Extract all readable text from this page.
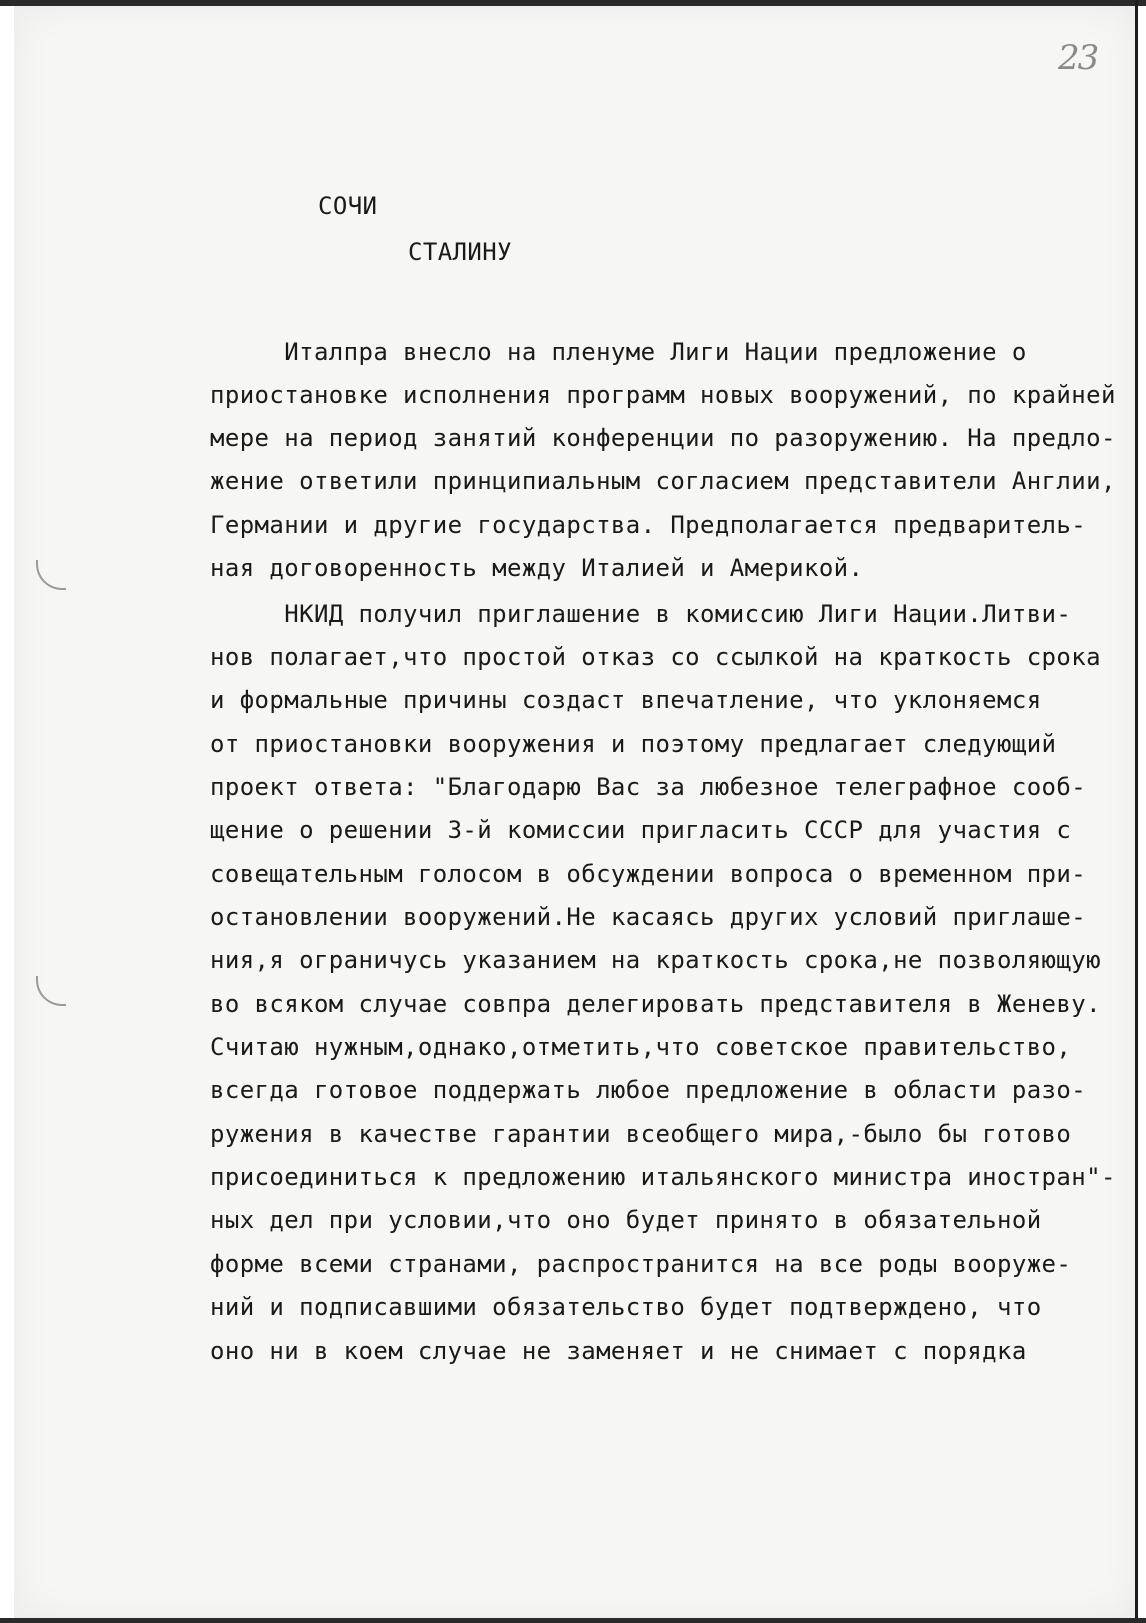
23
СОЧИ
СТАЛИНУ
Италпра внесло на пленуме Лиги Нации предложение о
приостановке исполнения программ новых вооружений, по крайней
мере на период занятий конференции по разоружению. На предло-
жение ответили принципиальным согласием представители Англии,
Германии и другие государства. Предполагается предваритель-
ная договоренность между Италией и Америкой.
НКИД получил приглашение в комиссию Лиги Нации.Литви-
нов полагает,что простой отказ со ссылкой на краткость срока
и формальные причины создаст впечатление, что уклоняемся
от приостановки вооружения и поэтому предлагает следующий
проект ответа: "Благодарю Вас за любезное телеграфное сооб-
щение о решении 3-й комиссии пригласить СССР для участия с
совещательным голосом в обсуждении вопроса о временном при-
остановлении вооружений.Не касаясь других условий приглаше-
ния,я ограничусь указанием на краткость срока,не позволяющую
во всяком случае совпра делегировать представителя в Женеву.
Считаю нужным,однако,отметить,что советское правительство,
всегда готовое поддержать любое предложение в области разо-
ружения в качестве гарантии всеобщего мира,-было бы готово
присоединиться к предложению итальянского министра иностран"-
ных дел при условии,что оно будет принято в обязательной
форме всеми странами, распространится на все роды вооруже-
ний и подписавшими обязательство будет подтверждено, что
оно ни в коем случае не заменяет и не снимает с порядка
